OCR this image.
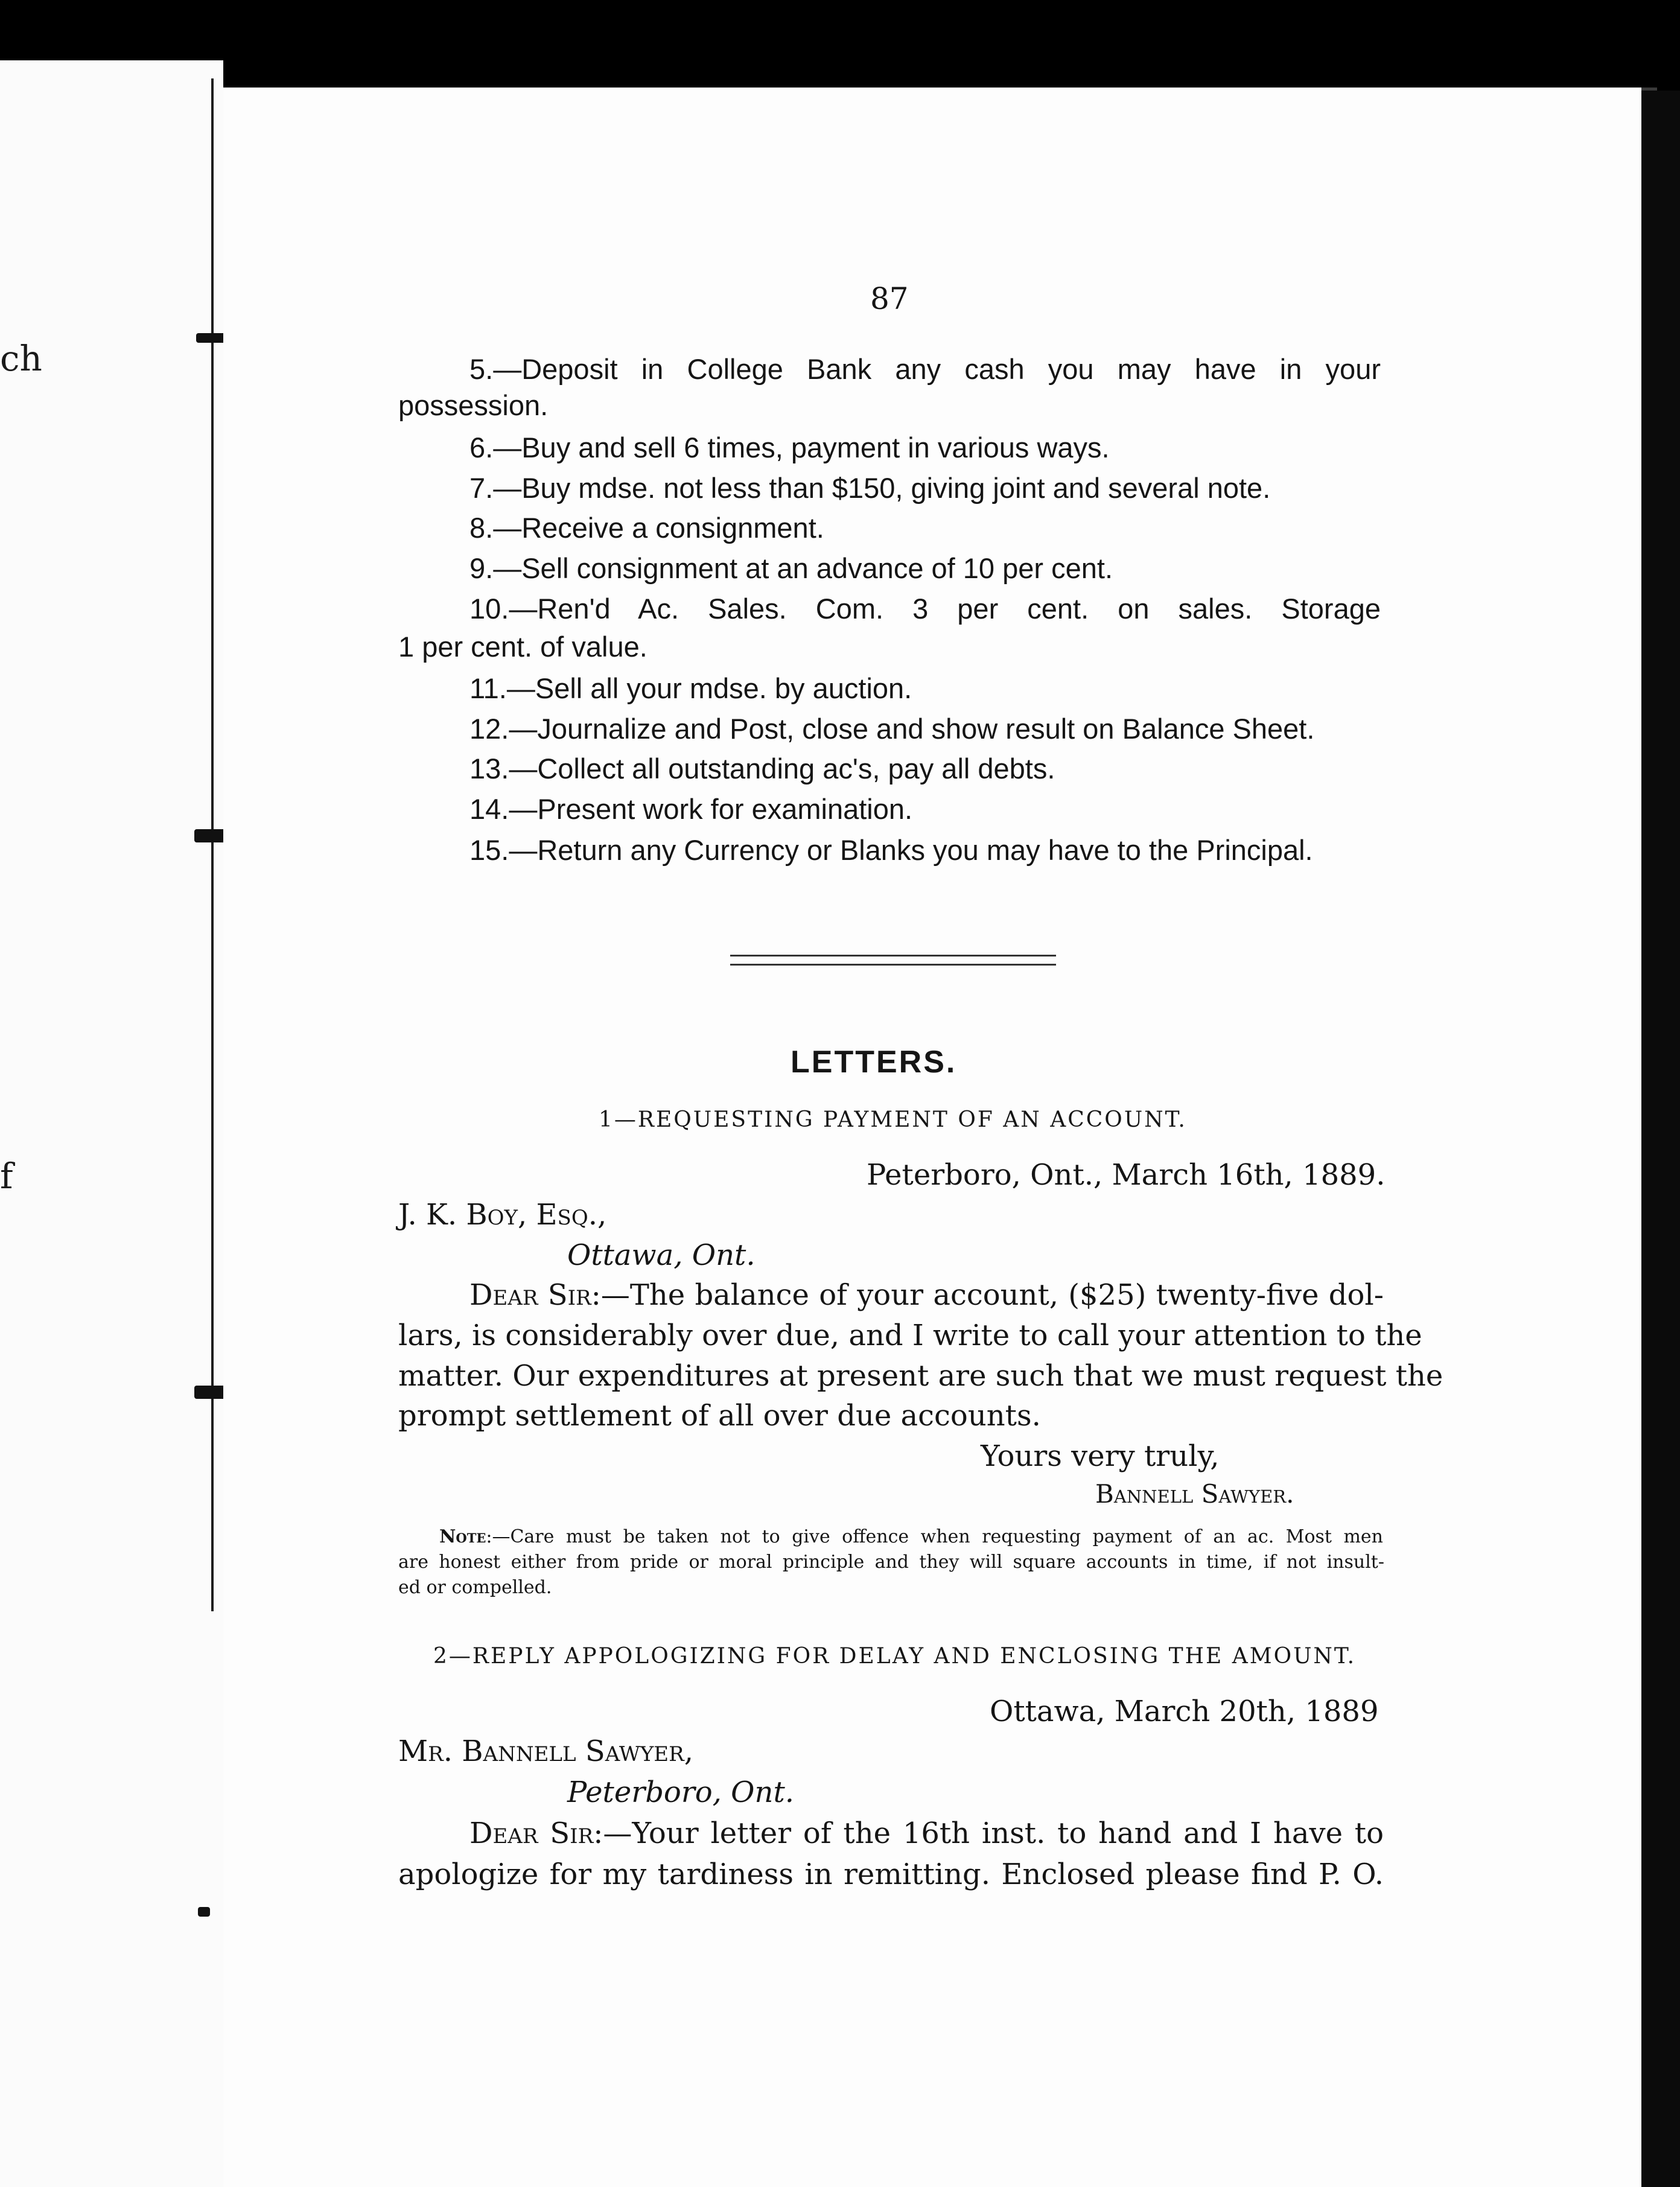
ch
f
87
5.—Deposit in College Bank any cash you may have in your
possession.
6.—Buy and sell 6 times, payment in various ways.
7.—Buy mdse. not less than $150, giving joint and several note.
8.—Receive a consignment.
9.—Sell consignment at an advance of 10 per cent.
10.—Ren'd Ac. Sales. Com. 3 per cent. on sales. Storage
1 per cent. of value.
11.—Sell all your mdse. by auction.
12.—Journalize and Post, close and show result on Balance Sheet.
13.—Collect all outstanding ac's, pay all debts.
14.—Present work for examination.
15.—Return any Currency or Blanks you may have to the Principal.
LETTERS.
1—REQUESTING PAYMENT OF AN ACCOUNT.
Peterboro, Ont., March 16th, 1889.
J. K. Boy, Esq.,
Ottawa, Ont.
Dear Sir:—The balance of your account, ($25) twenty-five dol-
lars, is considerably over due, and I write to call your attention to the
matter. Our expenditures at present are such that we must request the
prompt settlement of all over due accounts.
Yours very truly,
Bannell Sawyer.
Note:—Care must be taken not to give offence when requesting payment of an ac. Most men
are honest either from pride or moral principle and they will square accounts in time, if not insult-
ed or compelled.
2—REPLY APPOLOGIZING FOR DELAY AND ENCLOSING THE AMOUNT.
Ottawa, March 20th, 1889
Mr. Bannell Sawyer,
Peterboro, Ont.
Dear Sir:—Your letter of the 16th inst. to hand and I have to
apologize for my tardiness in remitting. Enclosed please find P. O.
